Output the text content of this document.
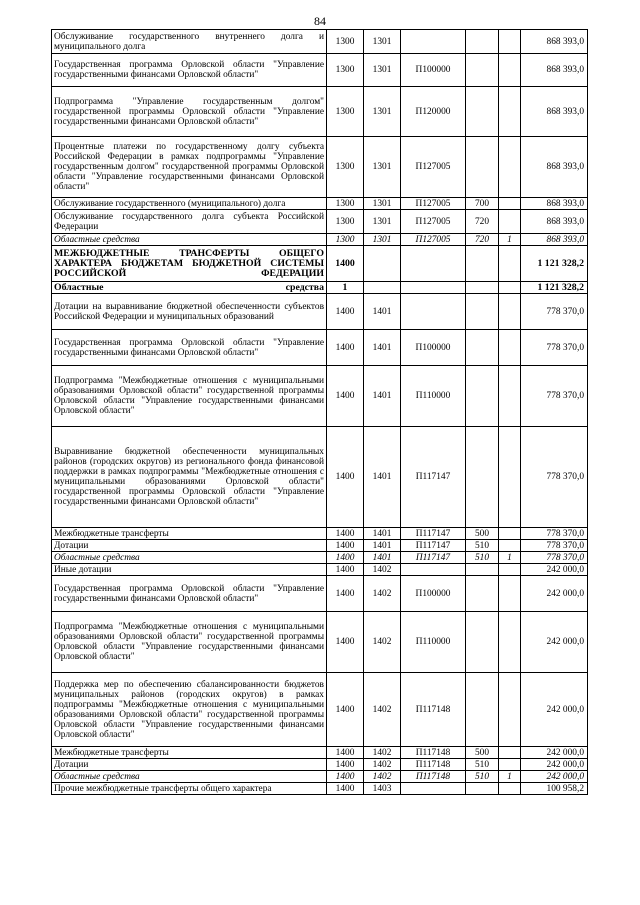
84
Обслуживание государственного внутреннего долга и муниципального долга	1300	1301				868 393,0
Государственная программа Орловской области "Управление государственными финансами Орловской области"	1300	1301	П100000			868 393,0
Подпрограмма "Управление государственным долгом" государственной программы Орловской области "Управление государственными финансами Орловской области"	1300	1301	П120000			868 393,0
Процентные платежи по государственному долгу субъекта Российской Федерации в рамках подпрограммы "Управление государственным долгом" государственной программы Орловской области "Управление государственными финансами Орловской области"	1300	1301	П127005			868 393,0
Обслуживание государственного (муниципального) долга	1300	1301	П127005	700		868 393,0
Обслуживание государственного долга субъекта Российской Федерации	1300	1301	П127005	720		868 393,0
Областные средства	1300	1301	П127005	720	1	868 393,0
МЕЖБЮДЖЕТНЫЕ ТРАНСФЕРТЫ ОБЩЕГО ХАРАКТЕРА БЮДЖЕТАМ БЮДЖЕТНОЙ СИСТЕМЫ РОССИЙСКОЙ ФЕДЕРАЦИИ	1400					1 121 328,2
Областные средства	1					1 121 328,2
Дотации на выравнивание бюджетной обеспеченности субъектов Российской Федерации и муниципальных образований	1400	1401				778 370,0
Государственная программа Орловской области "Управление государственными финансами Орловской области"	1400	1401	П100000			778 370,0
Подпрограмма "Межбюджетные отношения с муниципальными образованиями Орловской области" государственной программы Орловской области "Управление государственными финансами Орловской области"	1400	1401	П110000			778 370,0
Выравнивание бюджетной обеспеченности муниципальных районов (городских округов) из регионального фонда финансовой поддержки в рамках подпрограммы "Межбюджетные отношения с муниципальными образованиями Орловской области" государственной программы Орловской области "Управление государственными финансами Орловской области"	1400	1401	П117147			778 370,0
Межбюджетные трансферты	1400	1401	П117147	500		778 370,0
Дотации	1400	1401	П117147	510		778 370,0
Областные средства	1400	1401	П117147	510	1	778 370,0
Иные дотации	1400	1402				242 000,0
Государственная программа Орловской области "Управление государственными финансами Орловской области"	1400	1402	П100000			242 000,0
Подпрограмма "Межбюджетные отношения с муниципальными образованиями Орловской области" государственной программы Орловской области "Управление государственными финансами Орловской области"	1400	1402	П110000			242 000,0
Поддержка мер по обеспечению сбалансированности бюджетов муниципальных районов (городских округов) в рамках подпрограммы "Межбюджетные отношения с муниципальными образованиями Орловской области" государственной программы Орловской области "Управление государственными финансами Орловской области"	1400	1402	П117148			242 000,0
Межбюджетные трансферты	1400	1402	П117148	500		242 000,0
Дотации	1400	1402	П117148	510		242 000,0
Областные средства	1400	1402	П117148	510	1	242 000,0
Прочие межбюджетные трансферты общего характера	1400	1403				100 958,2
